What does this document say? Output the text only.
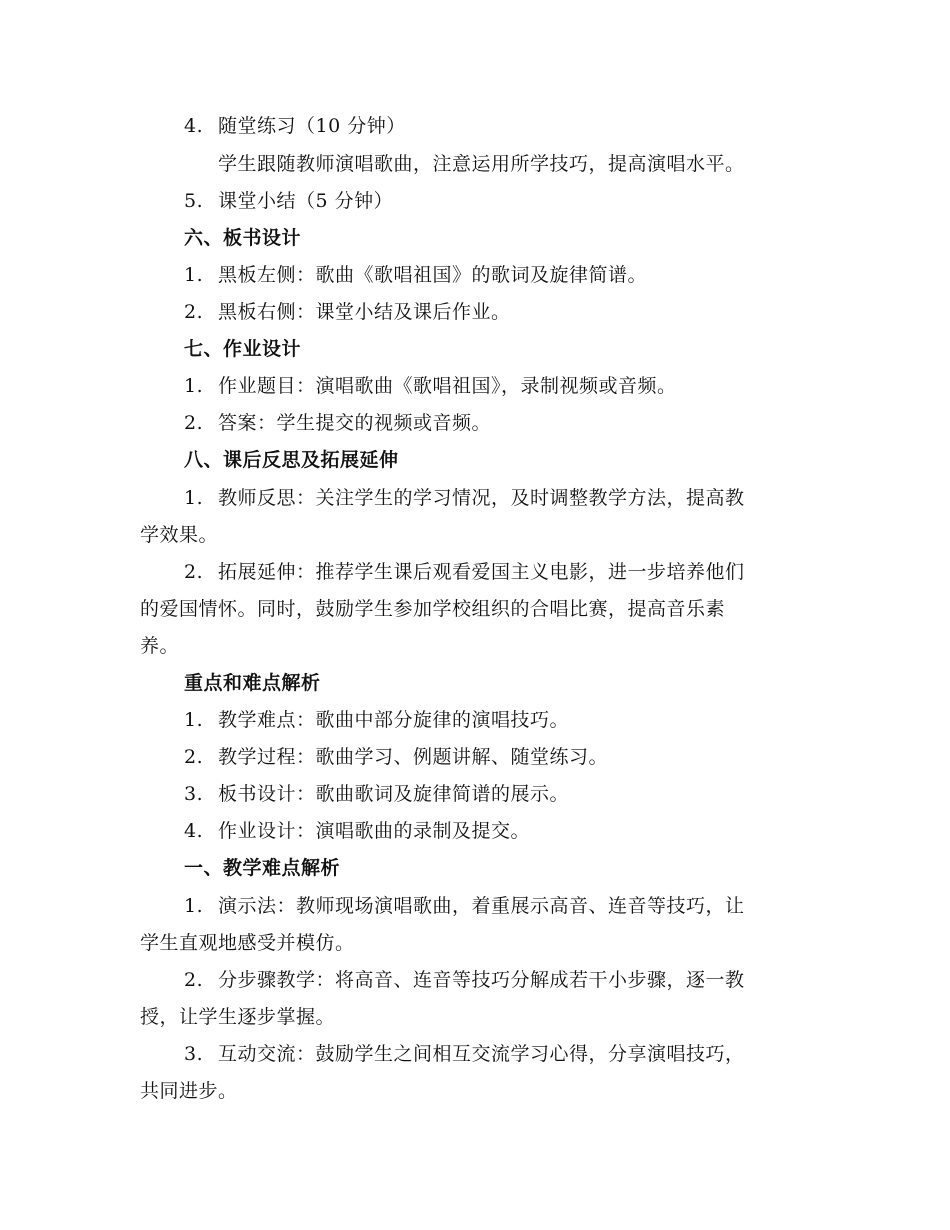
4. 随堂练习（10 分钟）
学生跟随教师演唱歌曲，注意运用所学技巧，提高演唱水平。
5. 课堂小结（5 分钟）
六、板书设计
1. 黑板左侧：歌曲《歌唱祖国》的歌词及旋律简谱。
2. 黑板右侧：课堂小结及课后作业。
七、作业设计
1. 作业题目：演唱歌曲《歌唱祖国》，录制视频或音频。
2. 答案：学生提交的视频或音频。
八、课后反思及拓展延伸
1. 教师反思：关注学生的学习情况，及时调整教学方法，提高教
学效果。
2. 拓展延伸：推荐学生课后观看爱国主义电影，进一步培养他们
的爱国情怀。同时，鼓励学生参加学校组织的合唱比赛，提高音乐素
养。
重点和难点解析
1. 教学难点：歌曲中部分旋律的演唱技巧。
2. 教学过程：歌曲学习、例题讲解、随堂练习。
3. 板书设计：歌曲歌词及旋律简谱的展示。
4. 作业设计：演唱歌曲的录制及提交。
一、教学难点解析
1. 演示法：教师现场演唱歌曲，着重展示高音、连音等技巧，让
学生直观地感受并模仿。
2. 分步骤教学：将高音、连音等技巧分解成若干小步骤，逐一教
授，让学生逐步掌握。
3. 互动交流：鼓励学生之间相互交流学习心得，分享演唱技巧，
共同进步。
